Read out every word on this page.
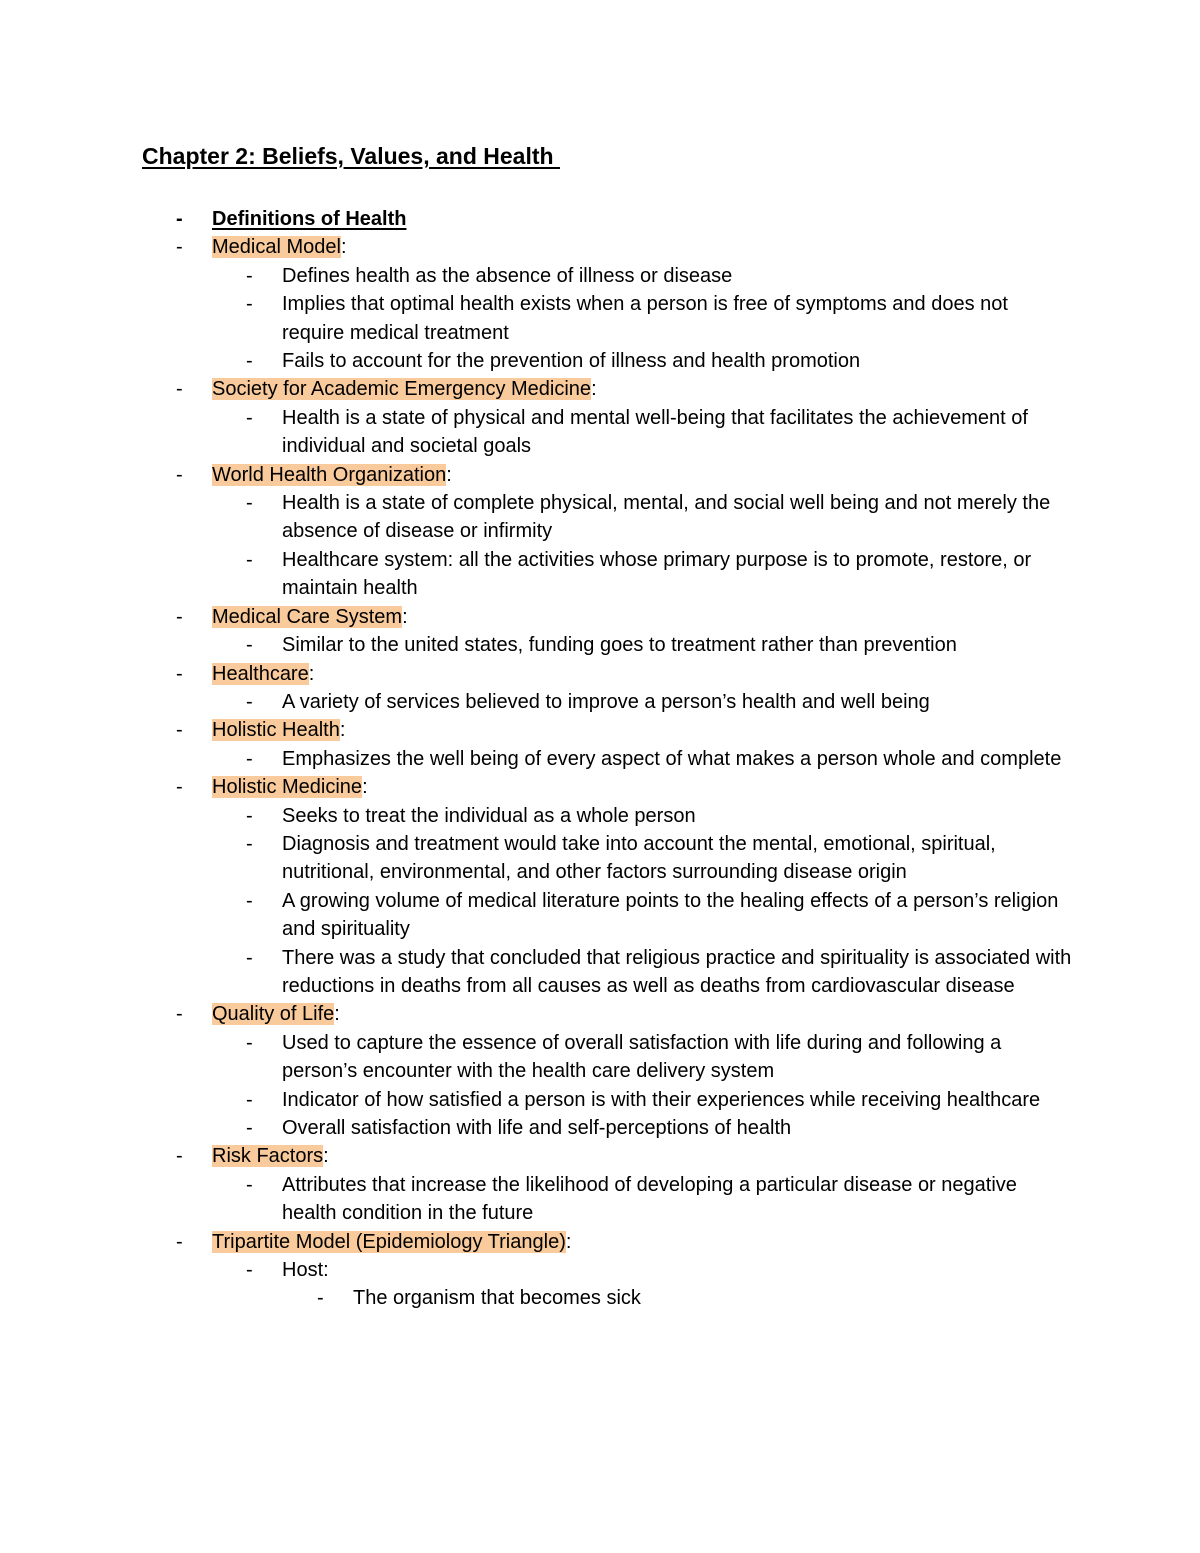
Chapter 2: Beliefs, Values, and Health
- Definitions of Health
- Medical Model:
- Defines health as the absence of illness or disease
- Implies that optimal health exists when a person is free of symptoms and does not require medical treatment
- Fails to account for the prevention of illness and health promotion
- Society for Academic Emergency Medicine:
- Health is a state of physical and mental well-being that facilitates the achievement of individual and societal goals
- World Health Organization:
- Health is a state of complete physical, mental, and social well being and not merely the absence of disease or infirmity
- Healthcare system: all the activities whose primary purpose is to promote, restore, or maintain health
- Medical Care System:
- Similar to the united states, funding goes to treatment rather than prevention
- Healthcare:
- A variety of services believed to improve a person’s health and well being
- Holistic Health:
- Emphasizes the well being of every aspect of what makes a person whole and complete
- Holistic Medicine:
- Seeks to treat the individual as a whole person
- Diagnosis and treatment would take into account the mental, emotional, spiritual, nutritional, environmental, and other factors surrounding disease origin
- A growing volume of medical literature points to the healing effects of a person’s religion and spirituality
- There was a study that concluded that religious practice and spirituality is associated with reductions in deaths from all causes as well as deaths from cardiovascular disease
- Quality of Life:
- Used to capture the essence of overall satisfaction with life during and following a person’s encounter with the health care delivery system
- Indicator of how satisfied a person is with their experiences while receiving healthcare
- Overall satisfaction with life and self-perceptions of health
- Risk Factors:
- Attributes that increase the likelihood of developing a particular disease or negative health condition in the future
- Tripartite Model (Epidemiology Triangle):
- Host:
- The organism that becomes sick
